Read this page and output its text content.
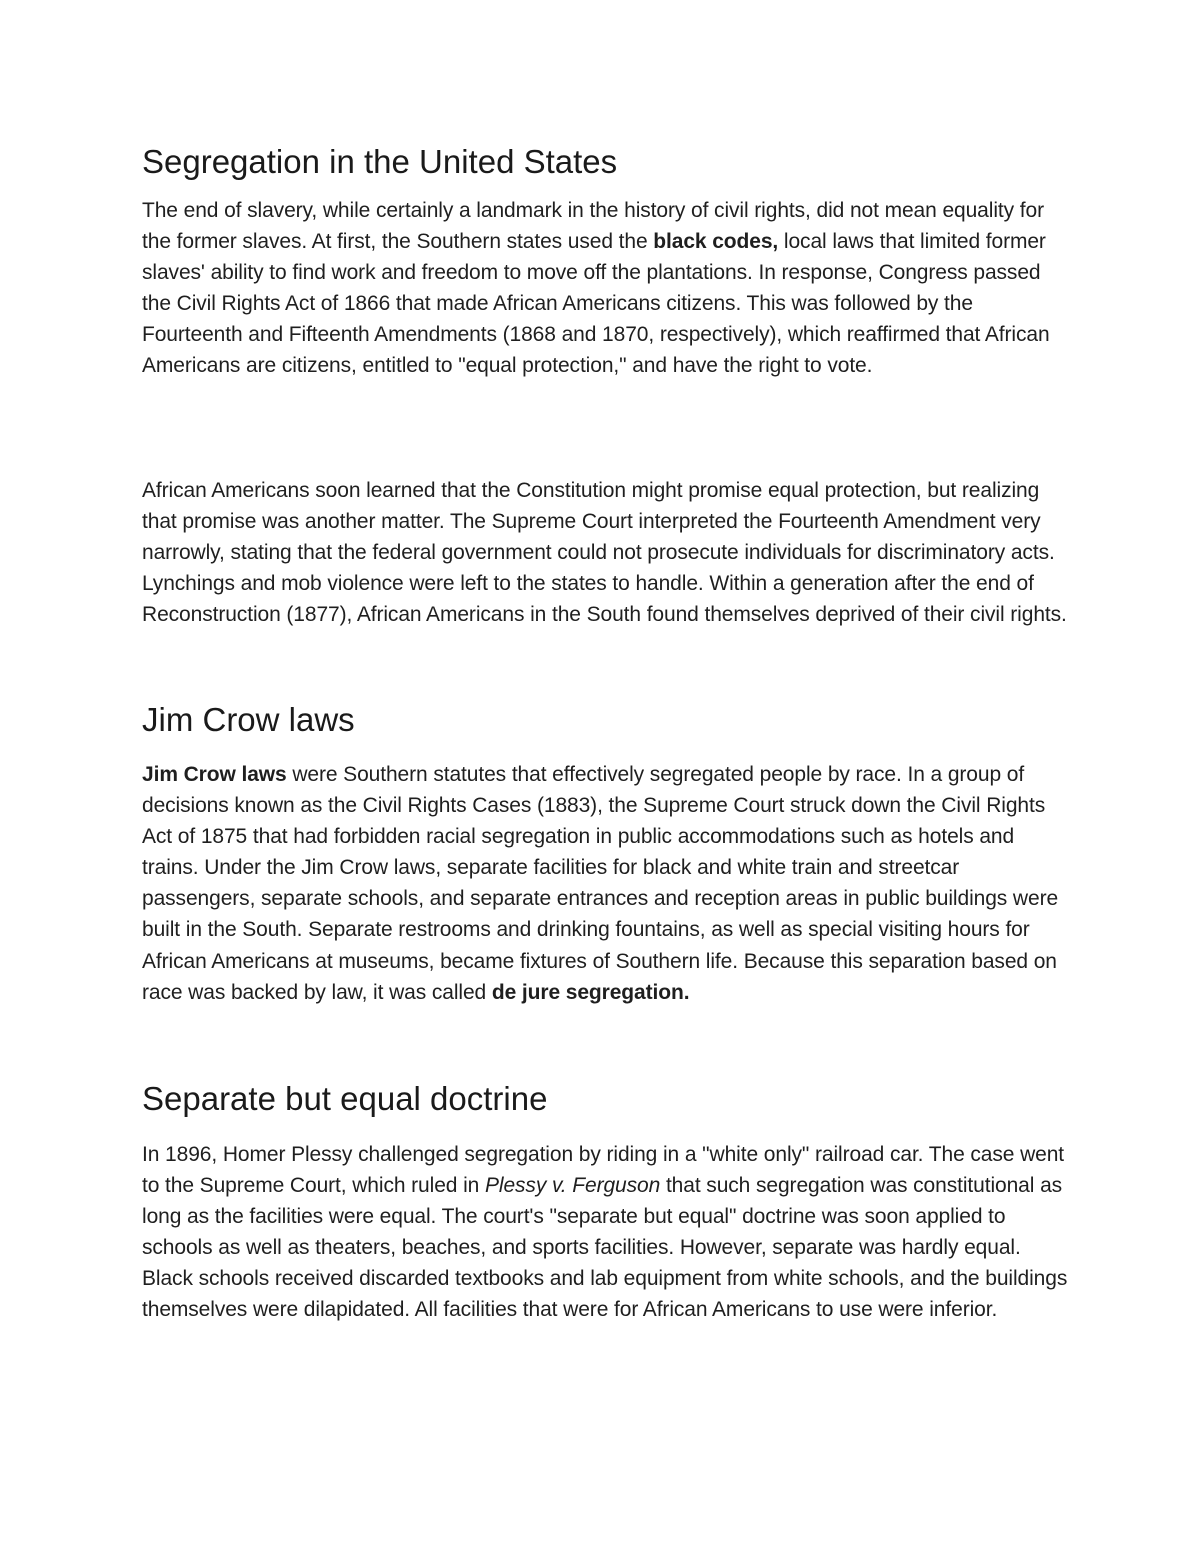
Segregation in the United States

The end of slavery, while certainly a landmark in the history of civil rights, did not mean equality for the former slaves. At first, the Southern states used the black codes, local laws that limited former slaves' ability to find work and freedom to move off the plantations. In response, Congress passed the Civil Rights Act of 1866 that made African Americans citizens. This was followed by the Fourteenth and Fifteenth Amendments (1868 and 1870, respectively), which reaffirmed that African Americans are citizens, entitled to "equal protection," and have the right to vote.

African Americans soon learned that the Constitution might promise equal protection, but realizing that promise was another matter. The Supreme Court interpreted the Fourteenth Amendment very narrowly, stating that the federal government could not prosecute individuals for discriminatory acts. Lynchings and mob violence were left to the states to handle. Within a generation after the end of Reconstruction (1877), African Americans in the South found themselves deprived of their civil rights.

Jim Crow laws

Jim Crow laws were Southern statutes that effectively segregated people by race. In a group of decisions known as the Civil Rights Cases (1883), the Supreme Court struck down the Civil Rights Act of 1875 that had forbidden racial segregation in public accommodations such as hotels and trains. Under the Jim Crow laws, separate facilities for black and white train and streetcar passengers, separate schools, and separate entrances and reception areas in public buildings were built in the South. Separate restrooms and drinking fountains, as well as special visiting hours for African Americans at museums, became fixtures of Southern life. Because this separation based on race was backed by law, it was called de jure segregation.

Separate but equal doctrine

In 1896, Homer Plessy challenged segregation by riding in a "white only" railroad car. The case went to the Supreme Court, which ruled in Plessy v. Ferguson that such segregation was constitutional as long as the facilities were equal. The court's "separate but equal" doctrine was soon applied to schools as well as theaters, beaches, and sports facilities. However, separate was hardly equal. Black schools received discarded textbooks and lab equipment from white schools, and the buildings themselves were dilapidated. All facilities that were for African Americans to use were inferior.
